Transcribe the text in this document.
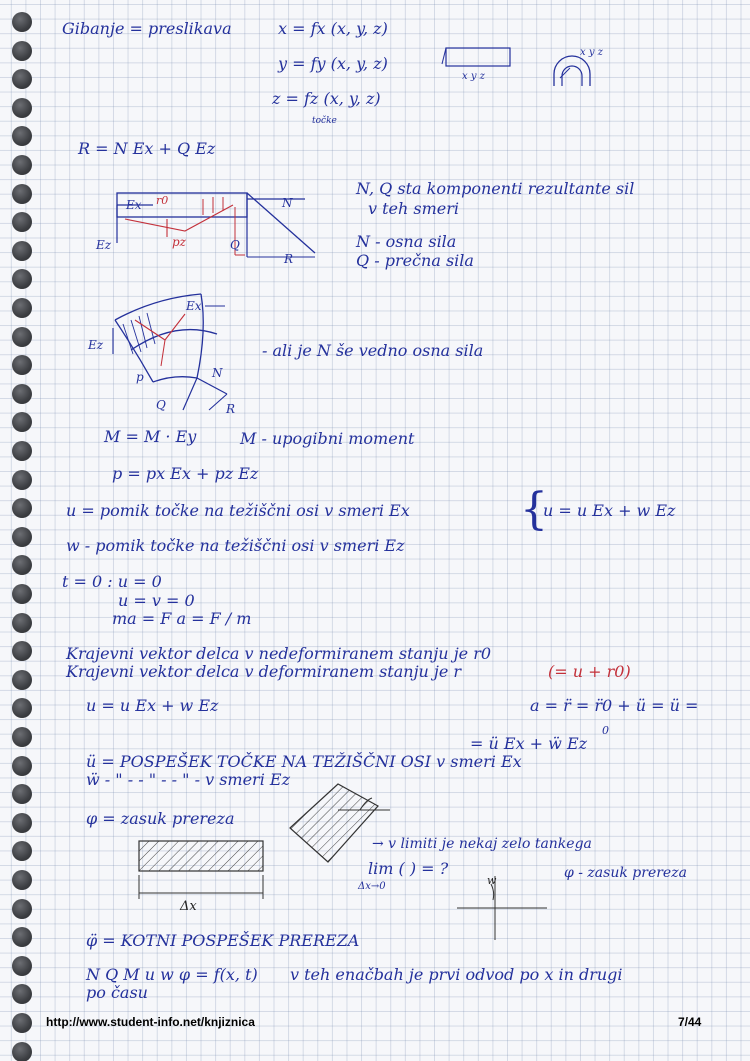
Gibanje = preslikava	x = fx (x, y, z)
y = fy (x, y, z)
z = fz (x, y, z)
točke
x y z
x y z
R = N Ex + Q Ez
Ex
Ez	pz
r0	N
Q
R
N, Q sta komponenti rezultante sil
v teh smeri
N - osna sila
Q - prečna sila
Ex
Ez
N
Q	R
p
- ali je N še vedno osna sila
M = M · Ey	M - upogibni moment
p = px Ex + pz Ez
u = pomik točke na težiščni osi v smeri Ex
w - pomik točke na težiščni osi v smeri Ez
{
u = u Ex + w Ez
t = 0 : u = 0
u = v = 0
ma = F a = F / m
Krajevni vektor delca v nedeformiranem stanju je r0
Krajevni vektor delca v deformiranem stanju je r	(= u + r0)
u = u Ex + w Ez	a = r̈ = r̈0 + ü = ü =
0
= ü Ex + ẅ Ez
ü = POSPEŠEK TOČKE NA TEŽIŠČNI OSI v smeri Ex
ẅ - " - - " - - " - v smeri Ez
φ = zasuk prereza
Δx
→ v limiti je nekaj zelo tankega
lim ( ) = ?
Δx→0
φ - zasuk prereza
w
φ̈ = KOTNI POSPEŠEK PREREZA
N Q M u w φ = f(x, t)
po času
v teh enačbah je prvi odvod po x in drugi
http://www.student-info.net/knjiznica	7/44
